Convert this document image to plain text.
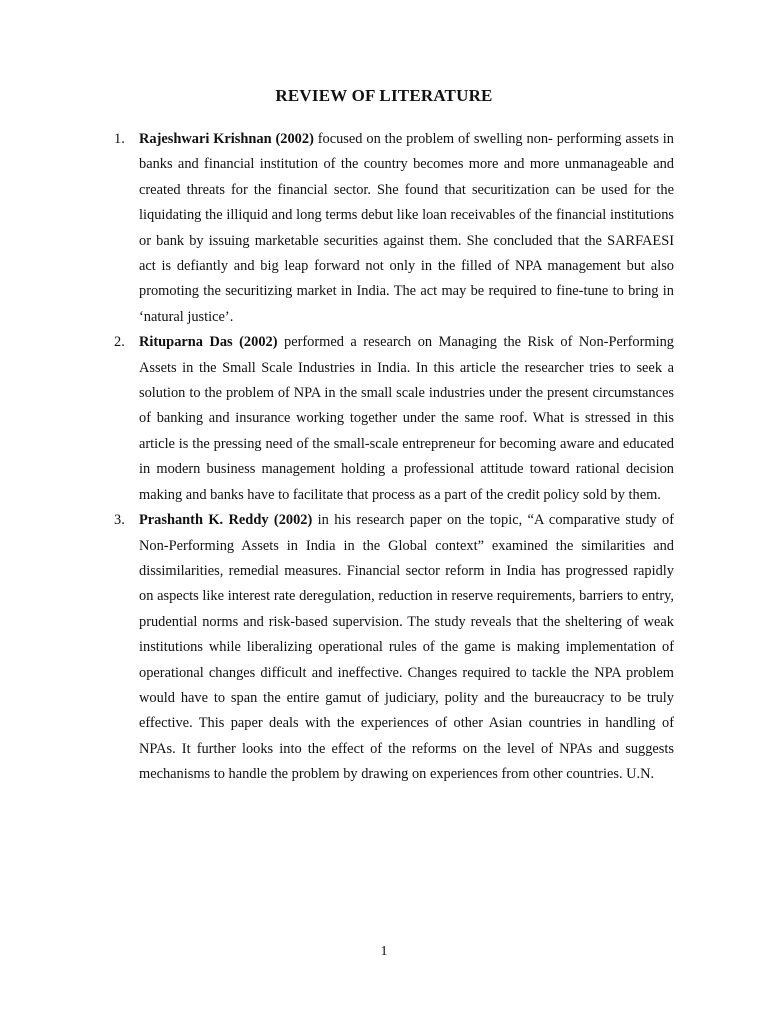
REVIEW OF LITERATURE
1. Rajeshwari Krishnan (2002) focused on the problem of swelling non- performing assets in banks and financial institution of the country becomes more and more unmanageable and created threats for the financial sector. She found that securitization can be used for the liquidating the illiquid and long terms debut like loan receivables of the financial institutions or bank by issuing marketable securities against them. She concluded that the SARFAESI act is defiantly and big leap forward not only in the filled of NPA management but also promoting the securitizing market in India. The act may be required to fine-tune to bring in ‘natural justice’.
2. Rituparna Das (2002) performed a research on Managing the Risk of Non-Performing Assets in the Small Scale Industries in India. In this article the researcher tries to seek a solution to the problem of NPA in the small scale industries under the present circumstances of banking and insurance working together under the same roof. What is stressed in this article is the pressing need of the small-scale entrepreneur for becoming aware and educated in modern business management holding a professional attitude toward rational decision making and banks have to facilitate that process as a part of the credit policy sold by them.
3. Prashanth K. Reddy (2002) in his research paper on the topic, “A comparative study of Non-Performing Assets in India in the Global context” examined the similarities and dissimilarities, remedial measures. Financial sector reform in India has progressed rapidly on aspects like interest rate deregulation, reduction in reserve requirements, barriers to entry, prudential norms and risk-based supervision. The study reveals that the sheltering of weak institutions while liberalizing operational rules of the game is making implementation of operational changes difficult and ineffective. Changes required to tackle the NPA problem would have to span the entire gamut of judiciary, polity and the bureaucracy to be truly effective. This paper deals with the experiences of other Asian countries in handling of NPAs. It further looks into the effect of the reforms on the level of NPAs and suggests mechanisms to handle the problem by drawing on experiences from other countries. U.N.
1
